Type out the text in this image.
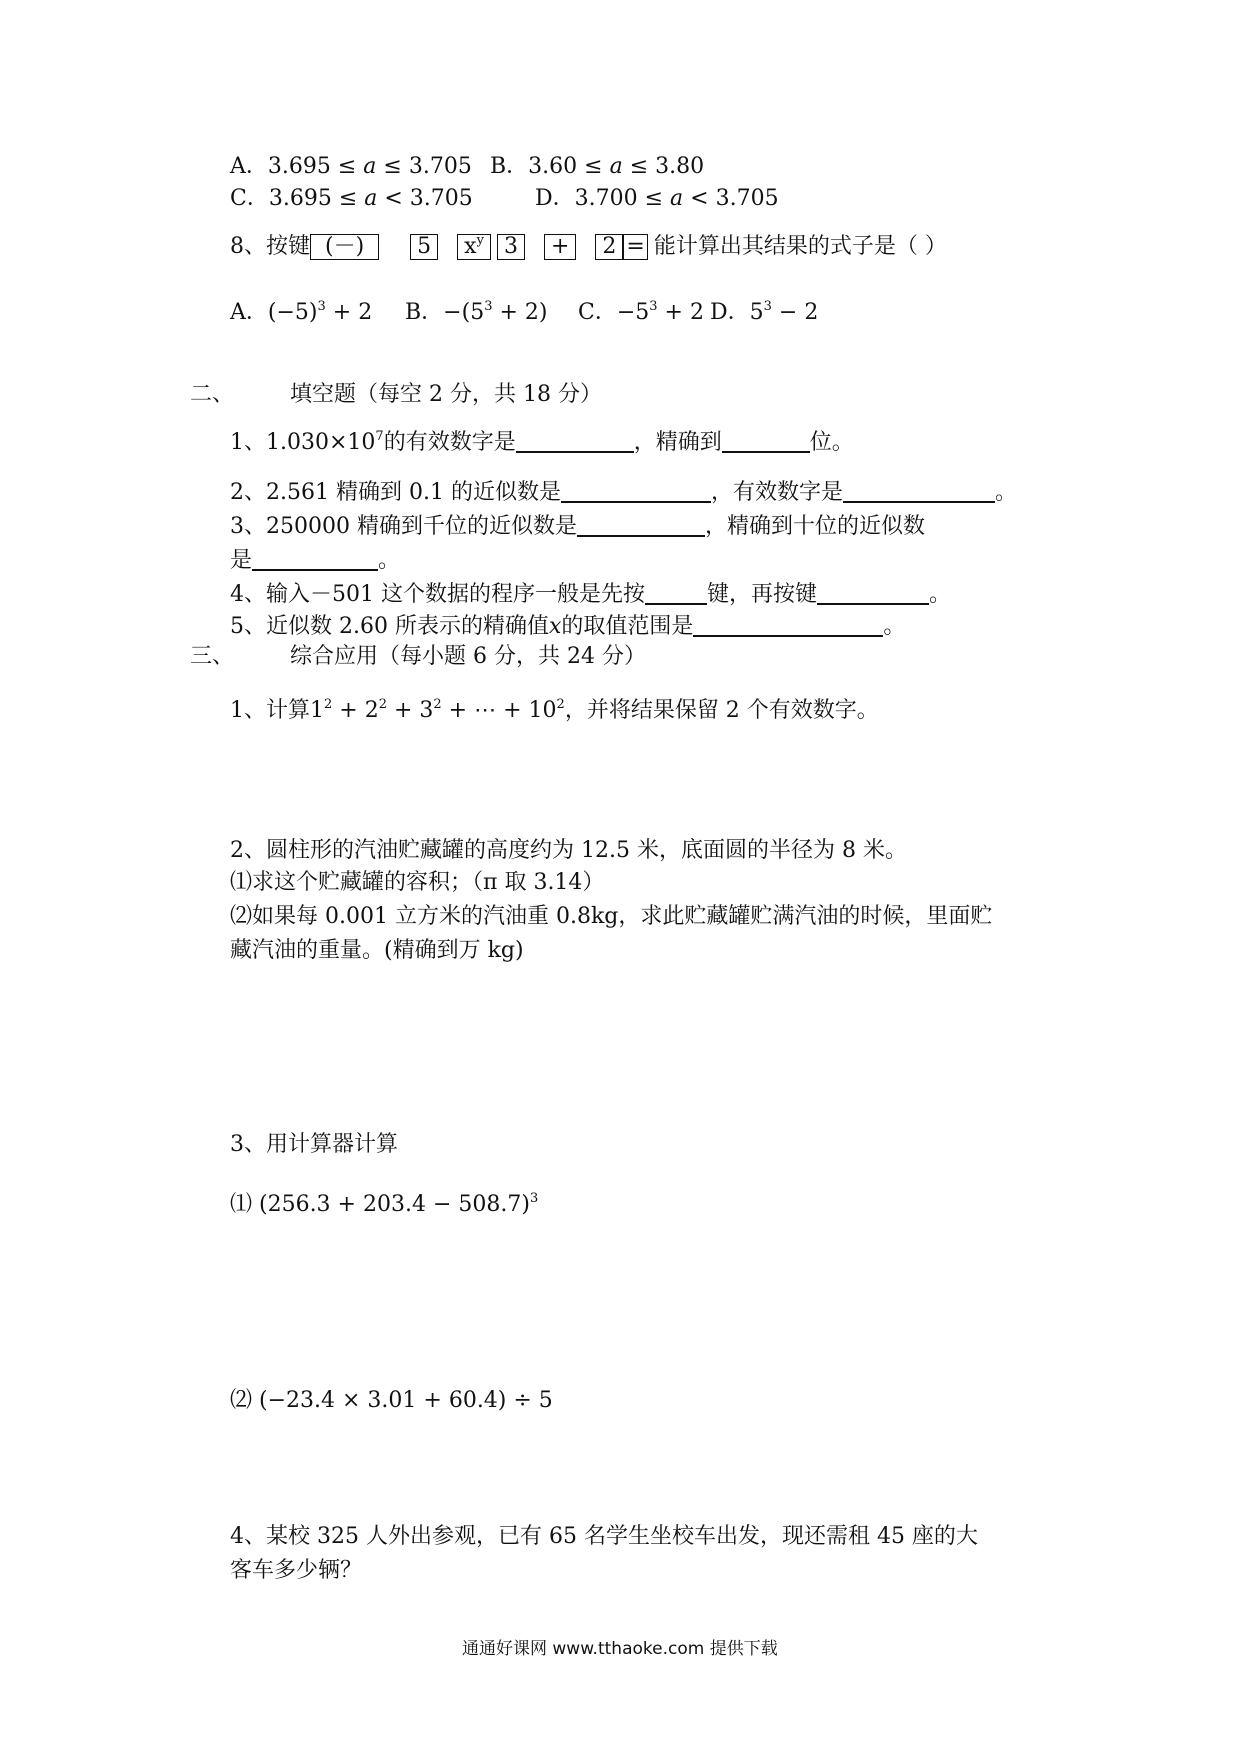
A．3.695 ≤ a ≤ 3.705 B．3.60 ≤ a ≤ 3.80
C．3.695 ≤ a < 3.705	D．3.700 ≤ a < 3.705
8、按键 (－) 5 $x^y$ 3 + 2 = 能计算出其结果的式子是（ ）
A．$(-5)^3 + 2$ B．$-(5^3 + 2)$ C．$-5^3 + 2$ D．$5^3 - 2$
二、	填空题（每空 2 分，共 18 分）
1、$1.030\times 10^7$的有效数字是	，精确到	位。
2、2.561 精确到 0.1 的近似数是	，有效数字是	。
3、250000 精确到千位的近似数是	，精确到十位的近似数
是	。
4、输入－501 这个数据的程序一般是先按	键，再按键	。
5、近似数 2.60 所表示的精确值x的取值范围是	。
三、	综合应用（每小题 6 分，共 24 分）
1、计算$1^2 + 2^2 + 3^2$ + ⋯ + $10^2$，并将结果保留 2 个有效数字。
2、圆柱形的汽油贮藏罐的高度约为 12.5 米，底面圆的半径为 8 米。
⑴求这个贮藏罐的容积；（π 取 3.14）
⑵如果每 0.001 立方米的汽油重 0.8kg，求此贮藏罐贮满汽油的时候，里面贮
藏汽油的重量。(精确到万 kg)
3、用计算器计算
⑴ $(256.3 + 203.4 - 508.7)^3$
⑵ (−23.4 × 3.01 + 60.4) ÷ 5
4、某校 325 人外出参观，已有 65 名学生坐校车出发，现还需租 45 座的大
客车多少辆？
通通好课网 www.tthaoke.com 提供下载
